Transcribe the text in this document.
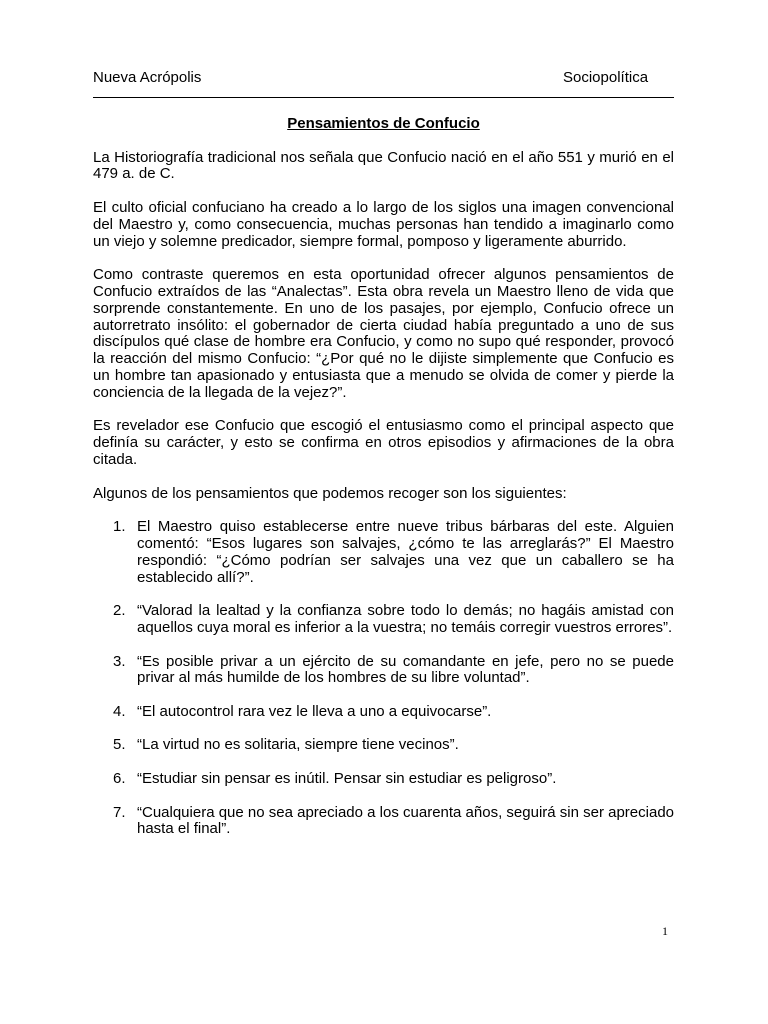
Nueva Acrópolis	Sociopolítica
Pensamientos de Confucio

La Historiografía tradicional nos señala que Confucio nació en el año 551 y murió en el 479 a. de C.

El culto oficial confuciano ha creado a lo largo de los siglos una imagen convencional del Maestro y, como consecuencia, muchas personas han tendido a imaginarlo como un viejo y solemne predicador, siempre formal, pomposo y ligeramente aburrido.

Como contraste queremos en esta oportunidad ofrecer algunos pensamientos de Confucio extraídos de las “Analectas”. Esta obra revela un Maestro lleno de vida que sorprende constantemente. En uno de los pasajes, por ejemplo, Confucio ofrece un autorretrato insólito: el gobernador de cierta ciudad había preguntado a uno de sus discípulos qué clase de hombre era Confucio, y como no supo qué responder, provocó la reacción del mismo Confucio: “¿Por qué no le dijiste simplemente que Confucio es un hombre tan apasionado y entusiasta que a menudo se olvida de comer y pierde la conciencia de la llegada de la vejez?”.

Es revelador ese Confucio que escogió el entusiasmo como el principal aspecto que definía su carácter, y esto se confirma en otros episodios y afirmaciones de la obra citada.

Algunos de los pensamientos que podemos recoger son los siguientes:

1. El Maestro quiso establecerse entre nueve tribus bárbaras del este. Alguien comentó: “Esos lugares son salvajes, ¿cómo te las arreglarás?” El Maestro respondió: “¿Cómo podrían ser salvajes una vez que un caballero se ha establecido allí?”.
2. “Valorad la lealtad y la confianza sobre todo lo demás; no hagáis amistad con aquellos cuya moral es inferior a la vuestra; no temáis corregir vuestros errores”.
3. “Es posible privar a un ejército de su comandante en jefe, pero no se puede privar al más humilde de los hombres de su libre voluntad”.
4. “El autocontrol rara vez le lleva a uno a equivocarse”.
5. “La virtud no es solitaria, siempre tiene vecinos”.
6. “Estudiar sin pensar es inútil. Pensar sin estudiar es peligroso”.
7. “Cualquiera que no sea apreciado a los cuarenta años, seguirá sin ser apreciado hasta el final”.
1
